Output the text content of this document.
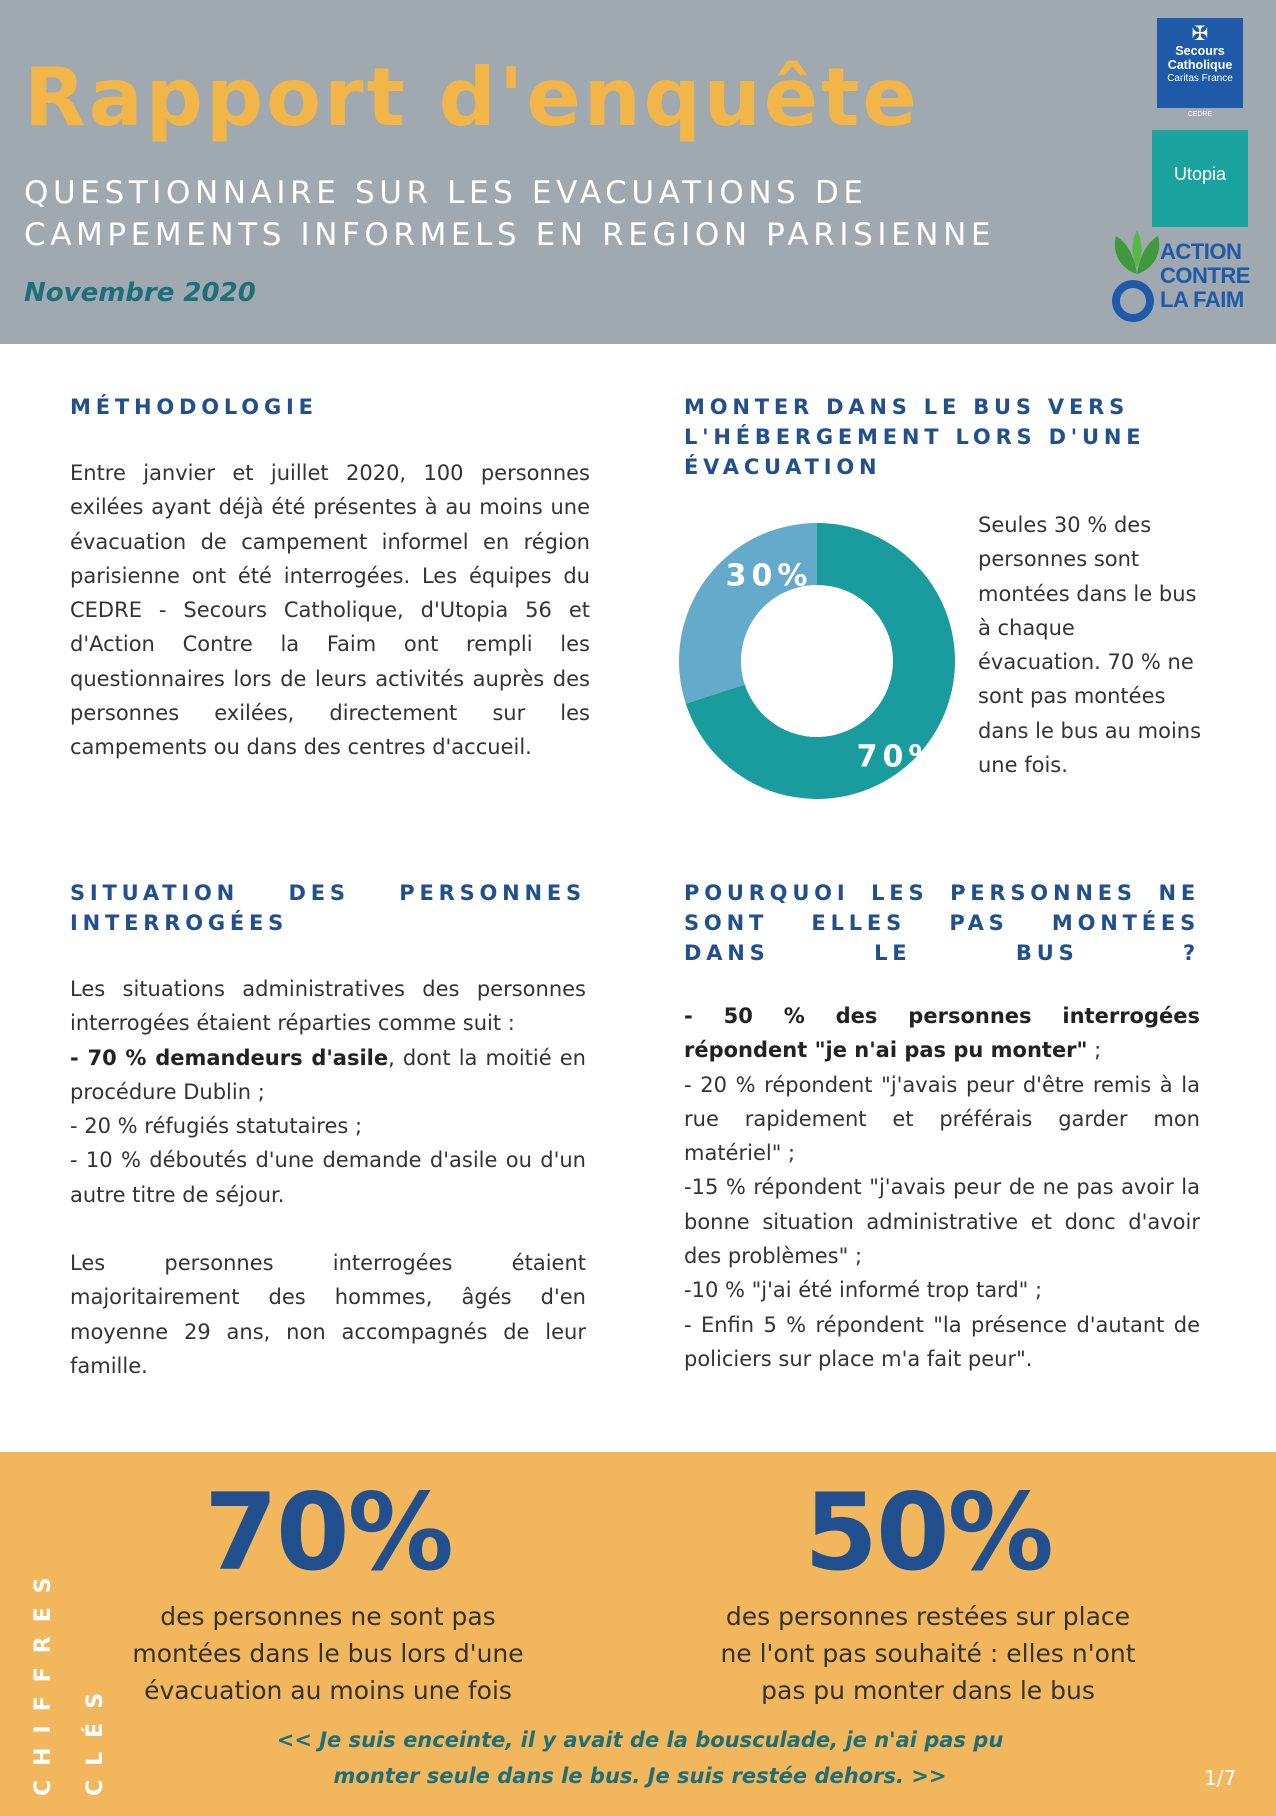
Rapport d'enquête
QUESTIONNAIRE SUR LES EVACUATIONS DE
CAMPEMENTS INFORMELS EN REGION PARISIENNE
Novembre 2020
✠
Secours
Catholique
Caritas France
CEDRE
Utopia
ACTION
CONTRE
LA FAIM
MÉTHODOLOGIE
Entre janvier et juillet 2020, 100 personnes exilées ayant déjà été présentes à au moins une évacuation de campement informel en région parisienne ont été interrogées. Les équipes du CEDRE - Secours Catholique, d'Utopia 56 et d'Action Contre la Faim ont rempli les questionnaires lors de leurs activités auprès des personnes exilées, directement sur les campements ou dans des centres d'accueil.
MONTER DANS LE BUS VERS L'HÉBERGEMENT LORS D'UNE ÉVACUATION
70%
30%
Seules 30 % des personnes sont montées dans le bus à chaque évacuation. 70 % ne sont pas montées dans le bus au moins une fois.
SITUATION DES PERSONNES INTERROGÉES

Les situations administratives des personnes interrogées étaient réparties comme suit :

- 70 % demandeurs d'asile, dont la moitié en procédure Dublin ;

- 20 % réfugiés statutaires ;

- 10 % déboutés d'une demande d'asile ou d'un autre titre de séjour.

Les personnes interrogées étaient majoritairement des hommes, âgés d'en moyenne 29 ans, non accompagnés de leur famille.

POURQUOI LES PERSONNES NE SONT ELLES PAS MONTÉES DANS LE BUS ?

- 50 % des personnes interrogées répondent "je n'ai pas pu monter" ;

- 20 % répondent "j'avais peur d'être remis à la rue rapidement et préférais garder mon matériel" ;

-15 % répondent "j'avais peur de ne pas avoir la bonne situation administrative et donc d'avoir des problèmes" ;

-10 % "j'ai été informé trop tard" ;

- Enfin 5 % répondent "la présence d'autant de policiers sur place m'a fait peur".

CHIFFRES	CLÉS
70%
des personnes ne sont pas
montées dans le bus lors d'une
évacuation au moins une fois
50%
des personnes restées sur place
ne l'ont pas souhaité : elles n'ont
pas pu monter dans le bus
<< Je suis enceinte, il y avait de la bousculade, je n'ai pas pu
monter seule dans le bus. Je suis restée dehors. >>	1/7
